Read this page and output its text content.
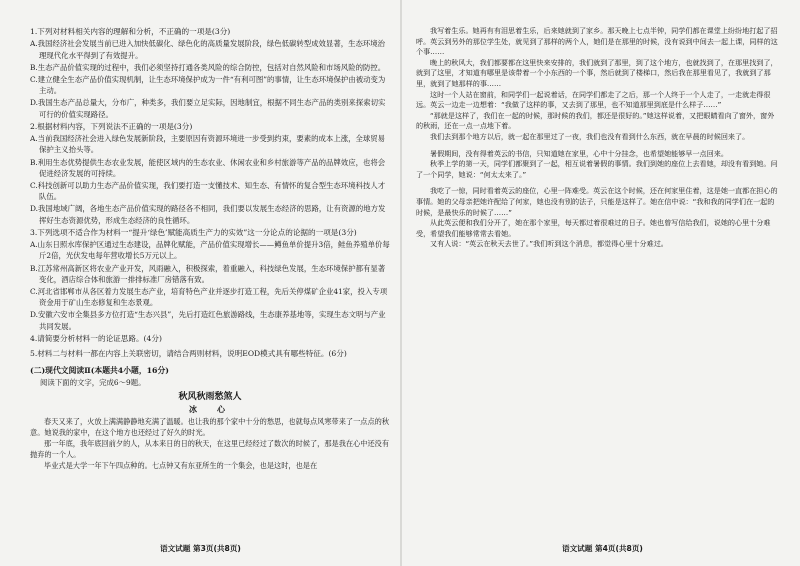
1.下列对材料相关内容的理解和分析，不正确的一项是(3分)
A.我国经济社会发展当前已进入加快低碳化、绿色化的高质量发展阶段，绿色低碳转型成效显著，生态环境治理现代化水平得到了有效提升。
B.生态产品价值实现的过程中，我们必须坚持打通各类风险的综合防控，包括对自然风险和市场风险的防控。
C.建立健全生态产品价值实现机制，让生态环境保护成为一件“有利可图”的事情，让生态环境保护由被动变为主动。
D.我国生态产品总量大，分布广，种类多，我们要立足实际，因地制宜，根据不同生态产品的类别来探索切实可行的价值实现路径。
2.根据材料内容，下列说法不正确的一项是(3分)
A.当前我国经济社会进入绿色发展新阶段，主要原因有资源环境进一步受到约束，要素的成本上涨，全球贸易保护主义抬头等。
B.利用生态优势提供生态农业发展，能使区域内的生态农业、休闲农业和乡村旅游等产品的品牌效应，也将会促进经济发展的可持续。
C.科技创新可以助力生态产品价值实现，我们要打造一支懂技术、知生态、有情怀的复合型生态环境科技人才队伍。
D.我国地域广阔，各地生态产品价值实现的路径各不相同，我们要以发展生态经济的思路，让有资源的地方发挥好生态资源优势，形成生态经济的良性循环。
3.下列选项不适合作为材料一“提升‘绿色’赋能高质生产力的实效”这一分论点的论据的一项是(3分)
A.山东日照水库保护区通过生态建设，品牌化赋能，产品价值实现增长——鳟鱼单价提升3倍，鲑鱼养殖单价每斤2倍，光伏发电每年营收增长5万元以上。
B.江苏常州高新区将农业产业开发，风雨融入，积极探索，着重融入，科技绿色发展，生态环境保护都有显著变化，酒店综合体和旅游一排排标准厂房错落有致。
C.河北省邯郸市从各区着力发展生态产业，培育特色产业并逐步打造工程，先后关停煤矿企业41家，投入专项资金用于矿山生态修复和生态景观。
D.安徽六安市全集县多方位打造“生态兴县”，先后打造红色旅游路线，生态康养基地等，实现生态文明与产业共同发展。
4.请简要分析材料一的论证思路。(4分)
5.材料二与材料一都在内容上关联密切，请结合两则材料，说明EOD模式具有哪些特征。(6分)
(二)现代文阅读Ⅱ(本题共4小题，16分)
阅读下面的文字，完成6～9题。
秋风秋雨愁煞人
冰　心

春天又来了，火放上满满静静地充满了温暖。也让我的那个家中十分的愁思，也就每点风寒带来了一点点的秋意。她说我的家中，在这个地方也还经过了好久的时光。

那一年底，我年底回前夕的人，从本来日的日的秋天，在这里已经经过了数次的时候了，那是我在心中还没有抛弃的一个人。

毕业式是大学一年下午四点种的。七点钟又有东亚所生的一个集会，也是这时，也是在

我写着生乐。她再有有泪思着生乐，后来她就到了家乡。那天晚上七点半钟，同学们都在课堂上纷纷地打起了招呼。英云到另外的那位学生处，就见到了那样的两个人，她们是在那里的时候，没有说到中间去一起上课，同样的这个事……

晚上的秋风大，我们都要都在这里快来安排的，我们就到了那里，到了这个地方，也就找到了，在那里找到了，就到了这里，才知道有哪里是该带着一个小东西的一个事，然后就到了楼梯口，然后我在那里看见了，我就到了那里，就到了她那样的事……

这时一个人站在窗前，和同学们一起说着话，在同学们都走了之后，那一个人终于一个人走了，一走就走得很远。英云一边走一边想着：“我做了这样的事，又去到了那里，也不知道那里到底是什么样子……”

“那就是这样了，我们在一起的时候，那时候的我们，都还是很好的。”她这样说着，又把眼睛看向了窗外，窗外的秋雨，还在一点一点地下着。

我们去到那个地方以后，就一起在那里过了一夜，我们也没有看到什么东西，就在早晨的时候回来了。

暑假期间，没有得着英云的书信，只知道她在家里，心中十分挂念，也希望她能够早一点回来。

秋季上学的第一天，同学们都聚到了一起，相互说着暑假的事情。我们到她的座位上去看她，却没有看到她。问了一个同学，她说：“何太太来了。”

我吃了一惊，同时看着英云的座位，心里一阵难受。英云在这个时候，还在何家里住着，这是她一直都在担心的事情。她的父母亲把她许配给了何家，她也没有别的法子，只能是这样了。她在信中说：“我和我的同学们在一起的时候，是最快乐的时候了……”

从此英云便和我们分开了，她在那个家里，每天都过着很难过的日子。她也曾写信给我们，说她的心里十分难受，希望我们能够常常去看她。

又有人说：“英云在秋天去世了。”我们听到这个消息，都觉得心里十分难过。

语文试题 第3页(共8页)	语文试题 第4页(共8页)
